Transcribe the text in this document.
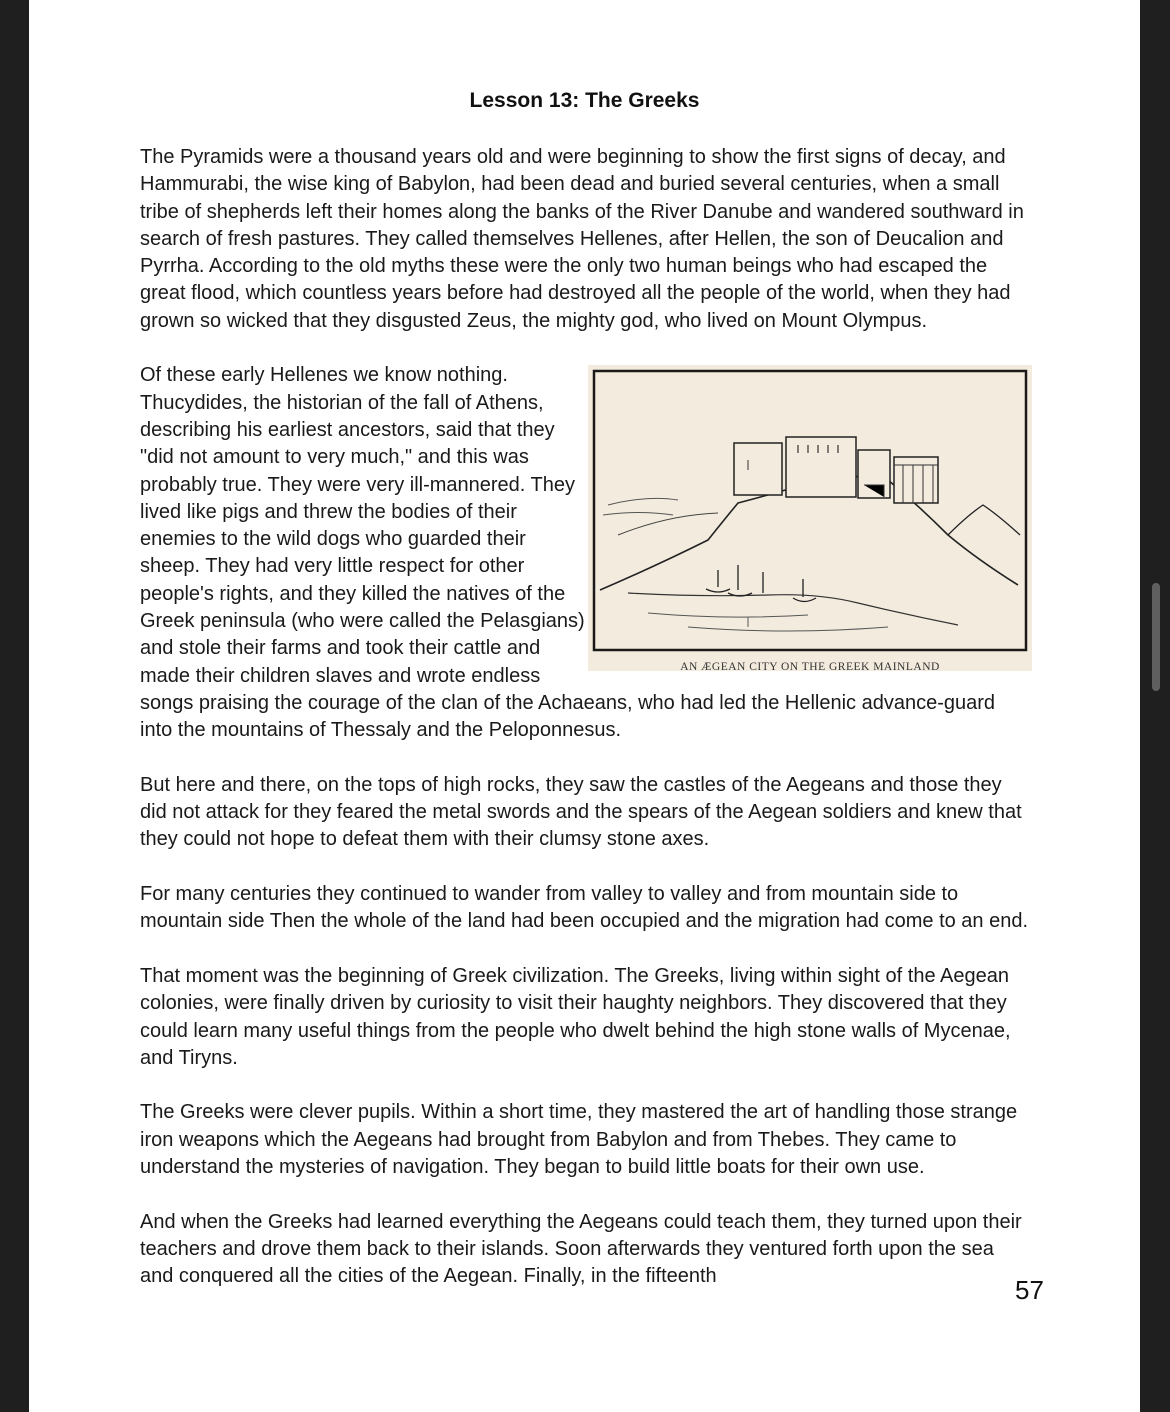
Lesson 13: The Greeks

The Pyramids were a thousand years old and were beginning to show the first signs of decay, and Hammurabi, the wise king of Babylon, had been dead and buried several centuries, when a small tribe of shepherds left their homes along the banks of the River Danube and wandered southward in search of fresh pastures. They called themselves Hellenes, after Hellen, the son of Deucalion and Pyrrha. According to the old myths these were the only two human beings who had escaped the great flood, which countless years before had destroyed all the people of the world, when they had grown so wicked that they disgusted Zeus, the mighty god, who lived on Mount Olympus.

AN ÆGEAN CITY ON THE GREEK MAINLAND

Of these early Hellenes we know nothing. Thucydides, the historian of the fall of Athens, describing his earliest ancestors, said that they "did not amount to very much," and this was probably true. They were very ill-mannered. They lived like pigs and threw the bodies of their enemies to the wild dogs who guarded their sheep. They had very little respect for other people's rights, and they killed the natives of the Greek peninsula (who were called the Pelasgians) and stole their farms and took their cattle and made their children slaves and wrote endless songs praising the courage of the clan of the Achaeans, who had led the Hellenic advance-guard into the mountains of Thessaly and the Peloponnesus.

But here and there, on the tops of high rocks, they saw the castles of the Aegeans and those they did not attack for they feared the metal swords and the spears of the Aegean soldiers and knew that they could not hope to defeat them with their clumsy stone axes.

For many centuries they continued to wander from valley to valley and from mountain side to mountain side Then the whole of the land had been occupied and the migration had come to an end.

That moment was the beginning of Greek civilization. The Greeks, living within sight of the Aegean colonies, were finally driven by curiosity to visit their haughty neighbors. They discovered that they could learn many useful things from the people who dwelt behind the high stone walls of Mycenae, and Tiryns.

The Greeks were clever pupils. Within a short time, they mastered the art of handling those strange iron weapons which the Aegeans had brought from Babylon and from Thebes. They came to understand the mysteries of navigation. They began to build little boats for their own use.

And when the Greeks had learned everything the Aegeans could teach them, they turned upon their teachers and drove them back to their islands. Soon afterwards they ventured forth upon the sea and conquered all the cities of the Aegean. Finally, in the fifteenth	57
